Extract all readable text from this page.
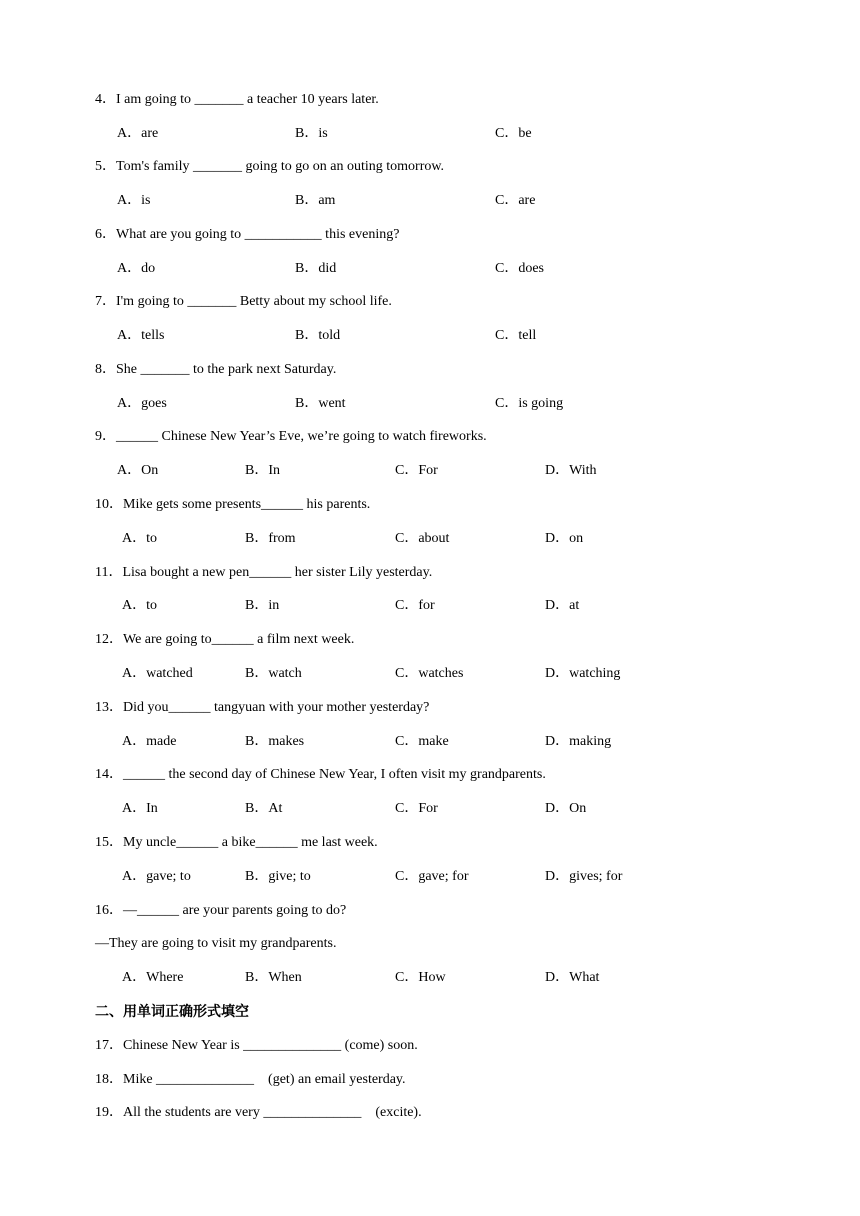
4．I am going to _______ a teacher 10 years later.
A．are	B．is	C．be
5．Tom's family _______ going to go on an outing tomorrow.
A．is	B．am	C．are
6．What are you going to ___________ this evening?
A．do	B．did	C．does
7．I'm going to _______ Betty about my school life.
A．tells	B．told	C．tell
8．She _______ to the park next Saturday.
A．goes	B．went	C．is going
9．______ Chinese New Year’s Eve, we’re going to watch fireworks.
A．On	B．In	C．For	D．With
10．Mike gets some presents______ his parents.
A．to	B．from	C．about	D．on
11．Lisa bought a new pen______ her sister Lily yesterday.
A．to	B．in	C．for	D．at
12．We are going to______ a film next week.
A．watched	B．watch	C．watches	D．watching
13．Did you______ tangyuan with your mother yesterday?
A．made	B．makes	C．make	D．making
14．______ the second day of Chinese New Year, I often visit my grandparents.
A．In	B．At	C．For	D．On
15．My uncle______ a bike______ me last week.
A．gave; to	B．give; to	C．gave; for	D．gives; for
16．—______ are your parents going to do?
—They are going to visit my grandparents.
A．Where	B．When	C．How	D．What
二、用单词正确形式填空
17．Chinese New Year is ______________ (come) soon.
18．Mike ______________    (get) an email yesterday.
19．All the students are very ______________    (excite).
